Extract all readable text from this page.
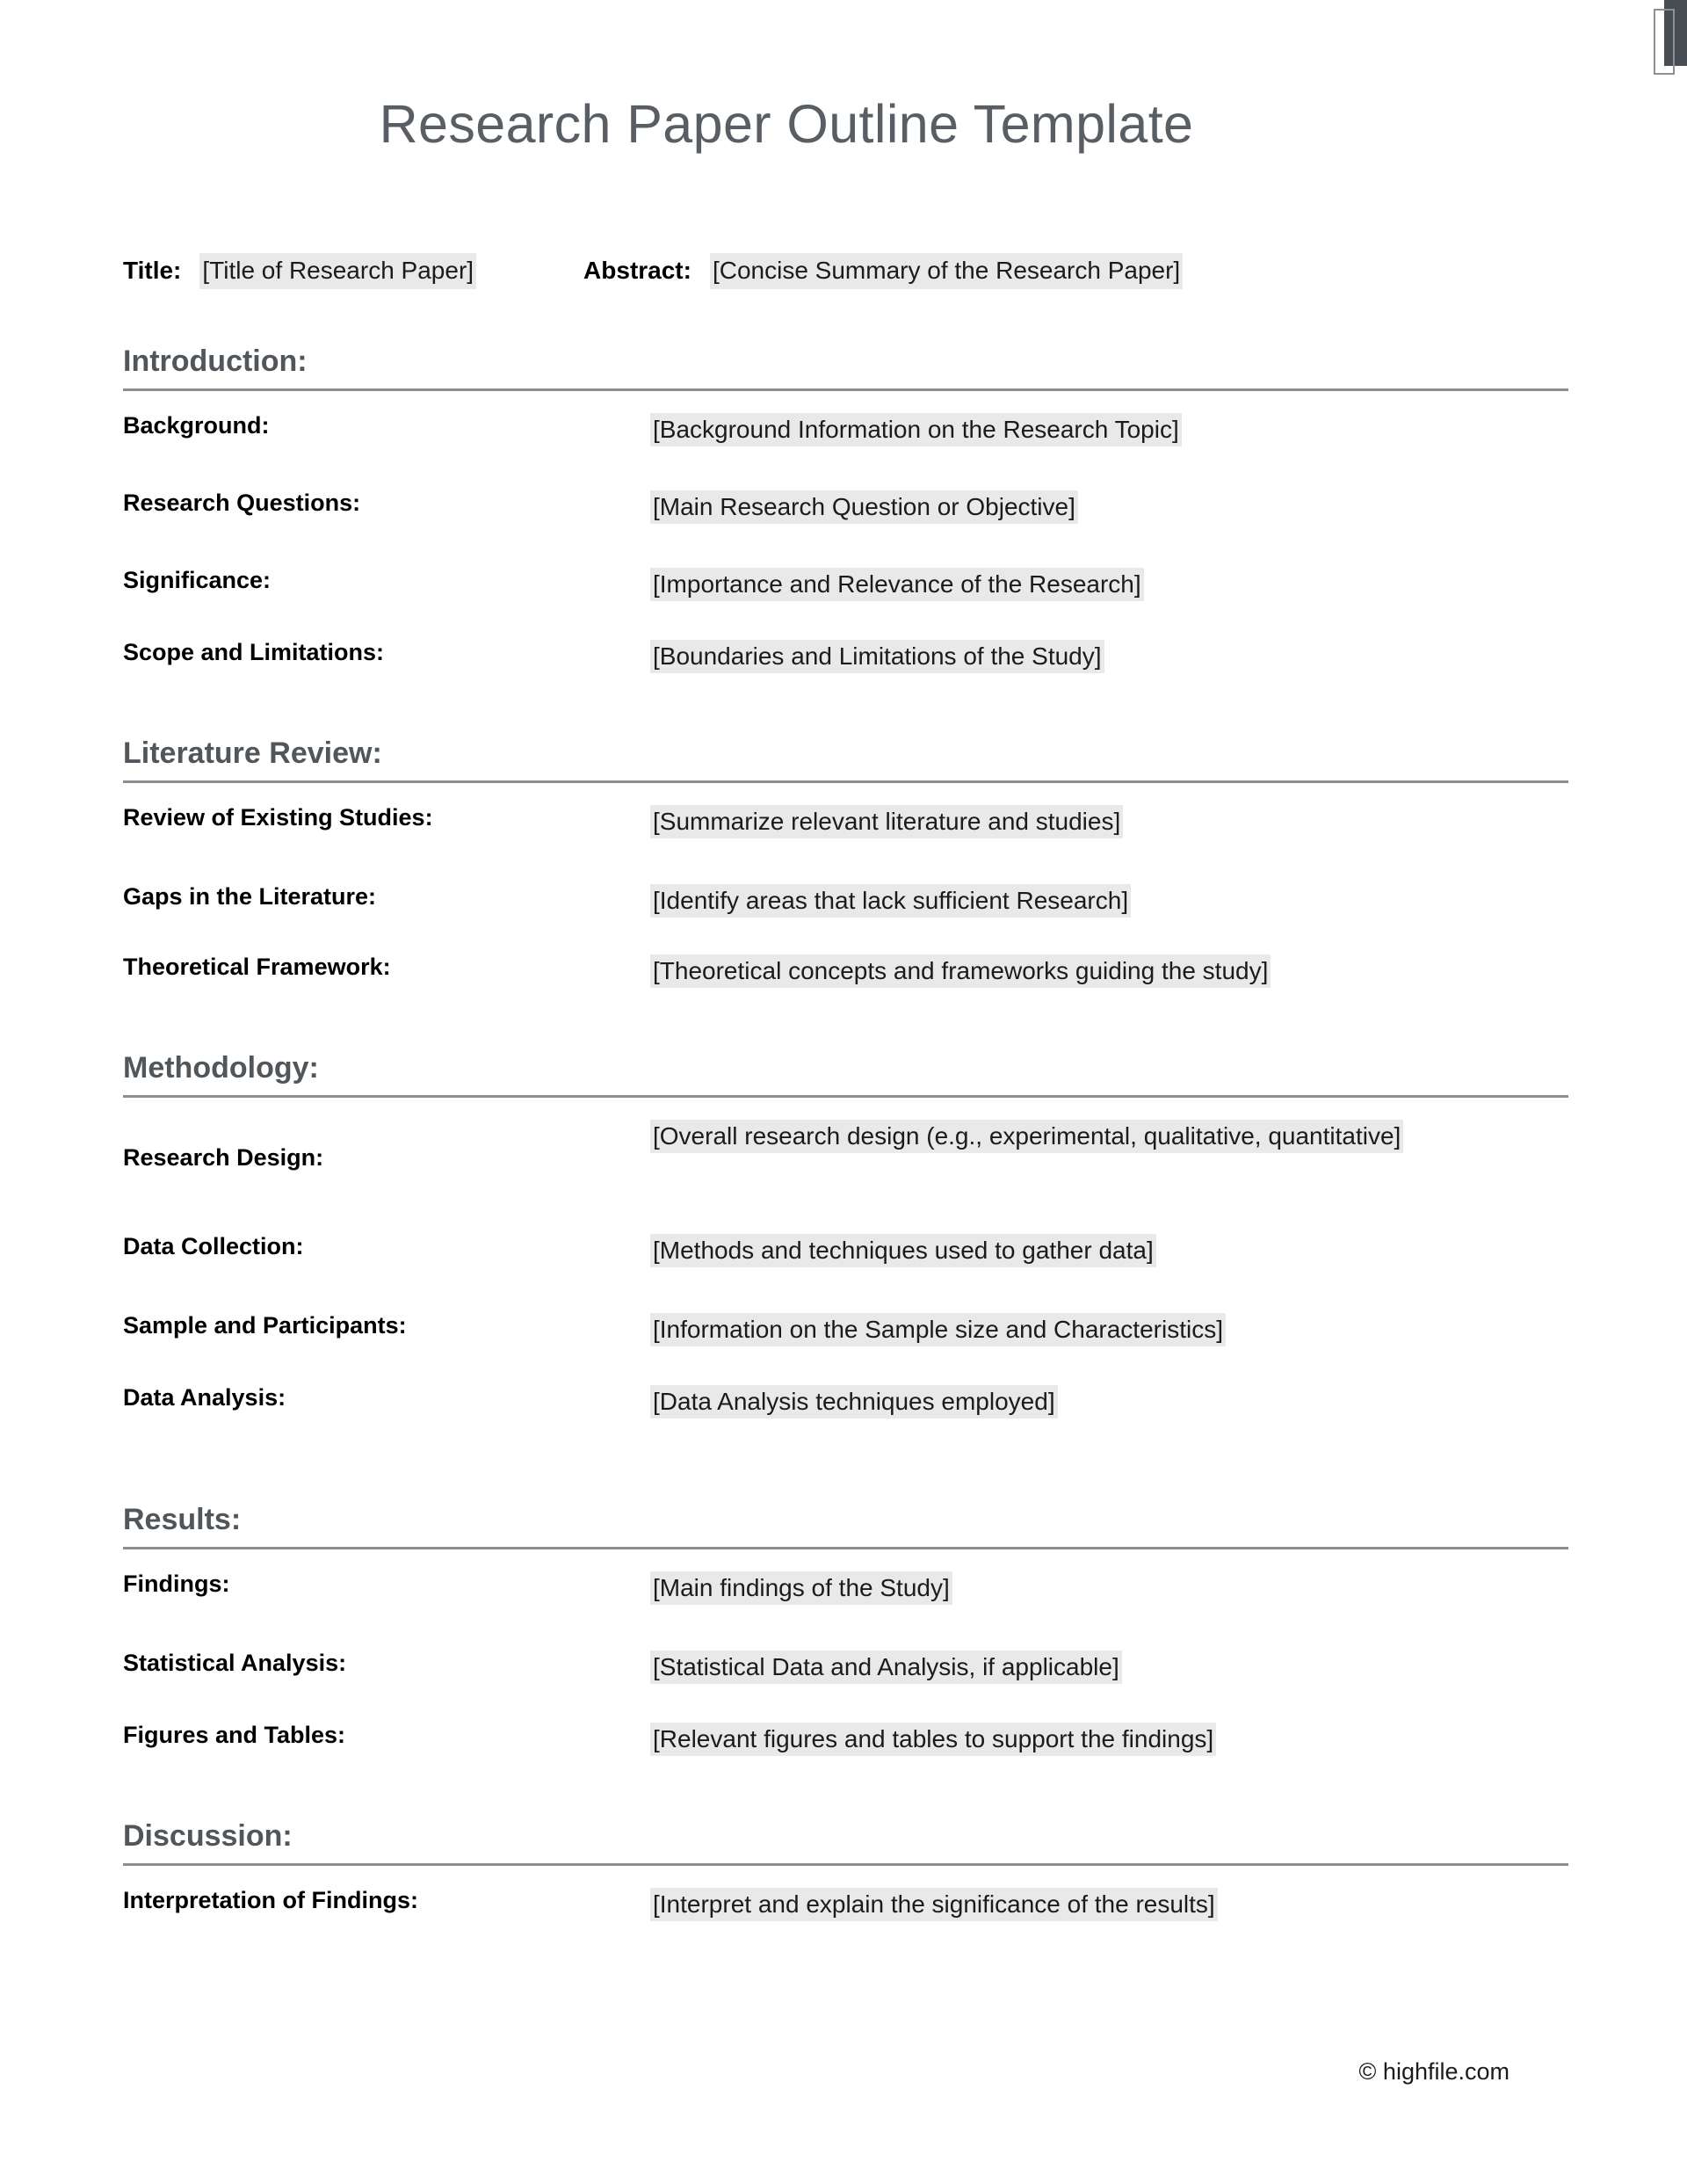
Research Paper Outline Template
Title: [Title of Research Paper]	Abstract: [Concise Summary of the Research Paper]
Introduction:
Background:	[Background Information on the Research Topic]
Research Questions:	[Main Research Question or Objective]
Significance:	[Importance and Relevance of the Research]
Scope and Limitations:	[Boundaries and Limitations of the Study]
Literature Review:
Review of Existing Studies:	[Summarize relevant literature and studies]
Gaps in the Literature:	[Identify areas that lack sufficient Research]
Theoretical Framework:	[Theoretical concepts and frameworks guiding the study]
Methodology:
Research Design:
[Overall research design (e.g., experimental, qualitative, quantitative]
Data Collection:	[Methods and techniques used to gather data]
Sample and Participants:	[Information on the Sample size and Characteristics]
Data Analysis:	[Data Analysis techniques employed]
Results:
Findings:	[Main findings of the Study]
Statistical Analysis:	[Statistical Data and Analysis, if applicable]
Figures and Tables:	[Relevant figures and tables to support the findings]
Discussion:
Interpretation of Findings:	[Interpret and explain the significance of the results]
© highfile.com
